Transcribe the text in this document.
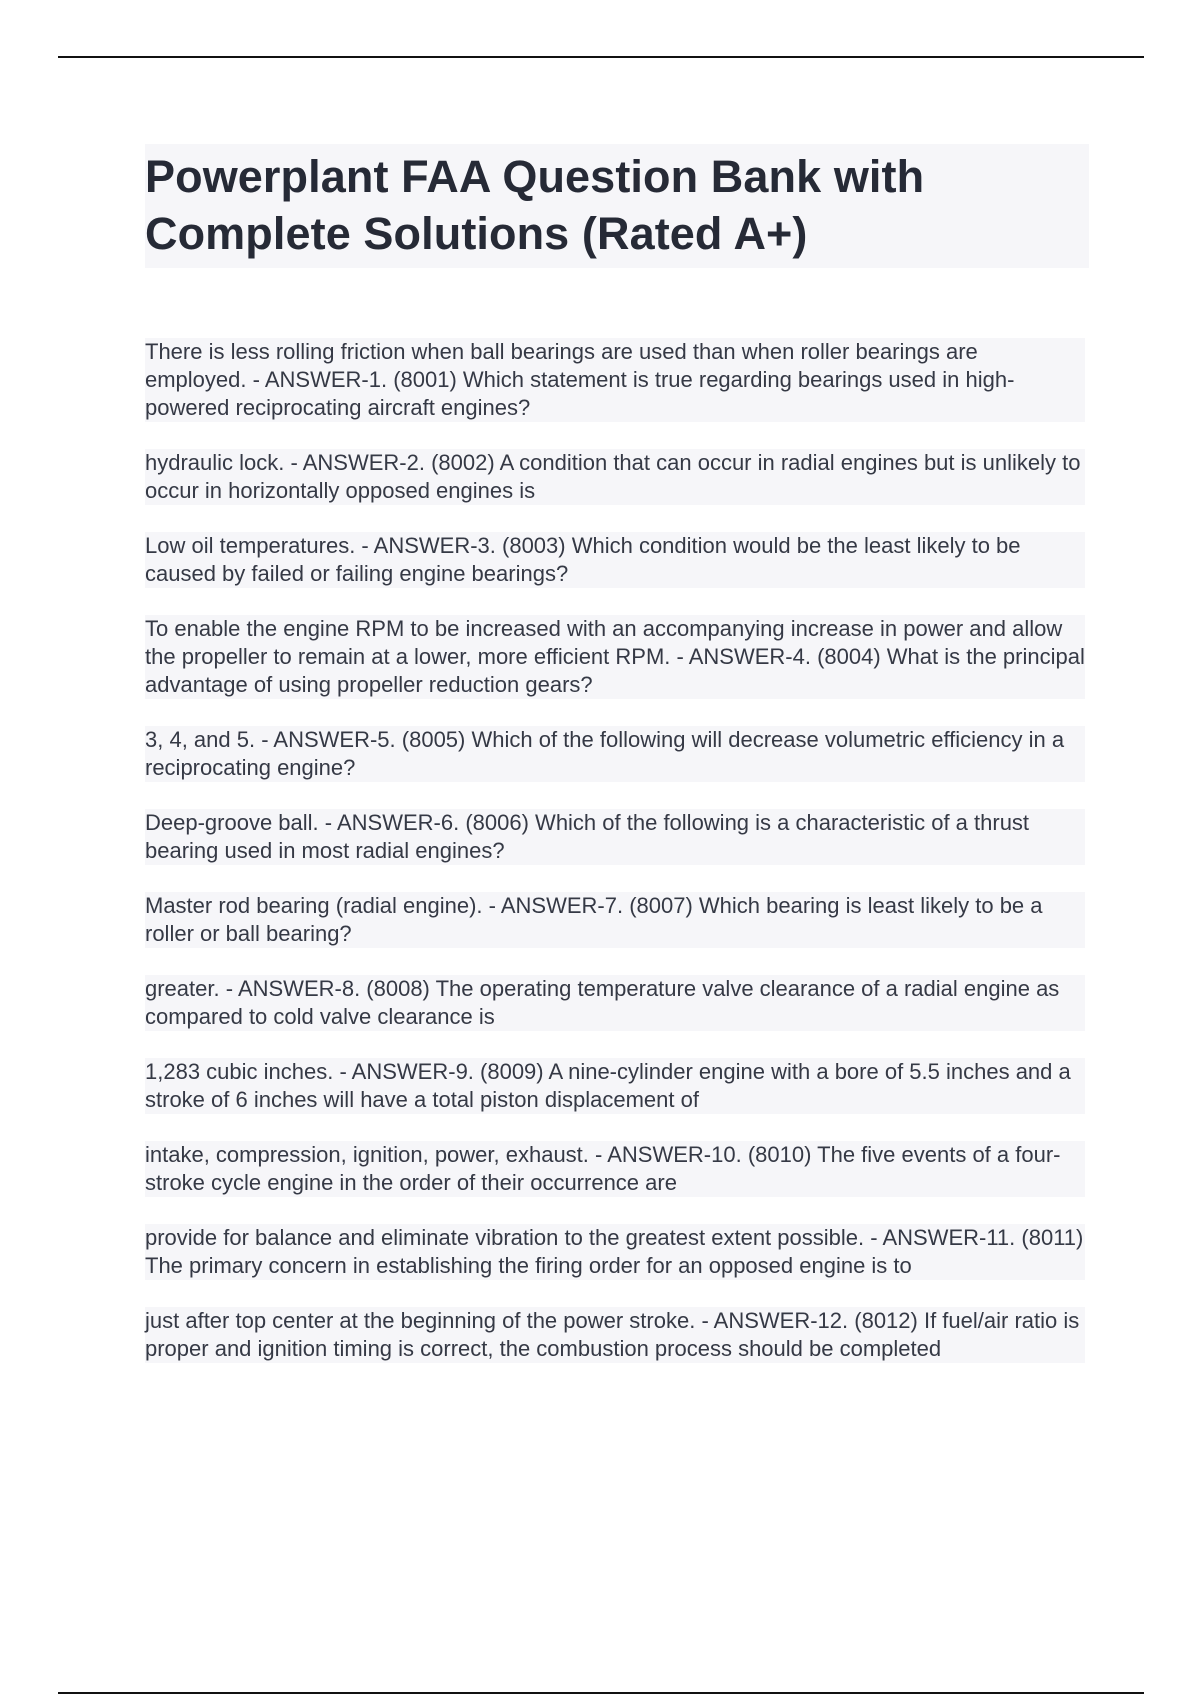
Powerplant FAA Question Bank with Complete Solutions (Rated A+)

There is less rolling friction when ball bearings are used than when roller bearings are employed. - ANSWER-1. (8001) Which statement is true regarding bearings used in high-powered reciprocating aircraft engines?

hydraulic lock. - ANSWER-2. (8002) A condition that can occur in radial engines but is unlikely to occur in horizontally opposed engines is

Low oil temperatures. - ANSWER-3. (8003) Which condition would be the least likely to be caused by failed or failing engine bearings?

To enable the engine RPM to be increased with an accompanying increase in power and allow the propeller to remain at a lower, more efficient RPM. - ANSWER-4. (8004) What is the principal advantage of using propeller reduction gears?

3, 4, and 5. - ANSWER-5. (8005) Which of the following will decrease volumetric efficiency in a reciprocating engine?

Deep-groove ball. - ANSWER-6. (8006) Which of the following is a characteristic of a thrust bearing used in most radial engines?

Master rod bearing (radial engine). - ANSWER-7. (8007) Which bearing is least likely to be a roller or ball bearing?

greater. - ANSWER-8. (8008) The operating temperature valve clearance of a radial engine as compared to cold valve clearance is

1,283 cubic inches. - ANSWER-9. (8009) A nine-cylinder engine with a bore of 5.5 inches and a stroke of 6 inches will have a total piston displacement of

intake, compression, ignition, power, exhaust. - ANSWER-10. (8010) The five events of a four-stroke cycle engine in the order of their occurrence are

provide for balance and eliminate vibration to the greatest extent possible. - ANSWER-11. (8011) The primary concern in establishing the firing order for an opposed engine is to

just after top center at the beginning of the power stroke. - ANSWER-12. (8012) If fuel/air ratio is proper and ignition timing is correct, the combustion process should be completed
